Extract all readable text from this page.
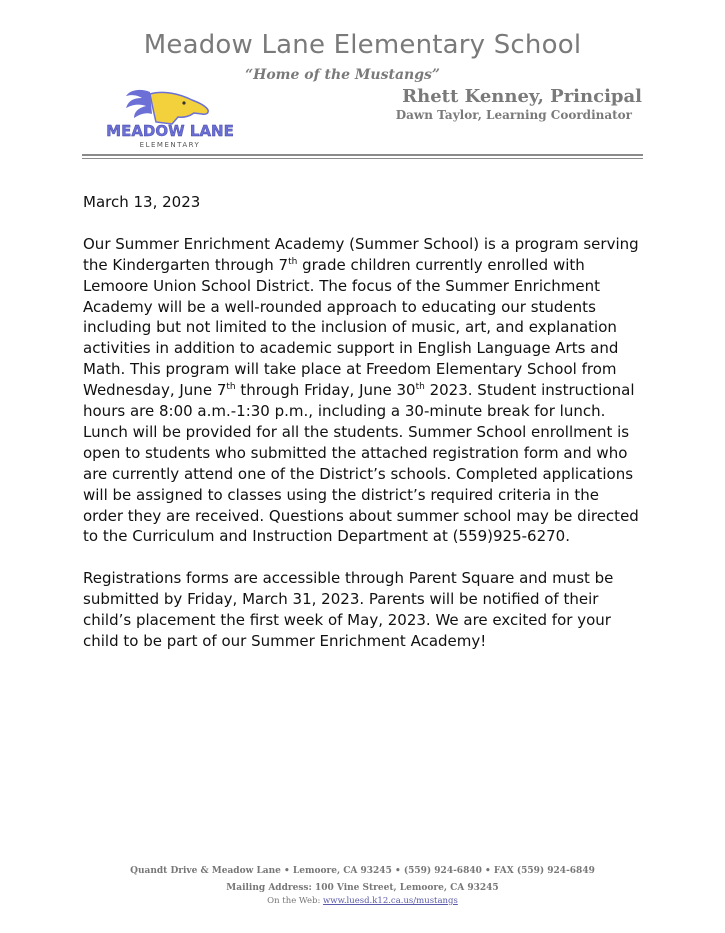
Meadow Lane Elementary School
“Home of the Mustangs”
MEADOW LANE
ELEMENTARY
Rhett Kenney, Principal
Dawn Taylor, Learning Coordinator

March 13, 2023

Our Summer Enrichment Academy (Summer School) is a program serving the Kindergarten through 7th grade children currently enrolled with Lemoore Union School District. The focus of the Summer Enrichment Academy will be a well-rounded approach to educating our students including but not limited to the inclusion of music, art, and explanation activities in addition to academic support in English Language Arts and Math. This program will take place at Freedom Elementary School from Wednesday, June 7th through Friday, June 30th 2023. Student instructional hours are 8:00 a.m.-1:30 p.m., including a 30-minute break for lunch. Lunch will be provided for all the students. Summer School enrollment is open to students who submitted the attached registration form and who are currently attend one of the District’s schools. Completed applications will be assigned to classes using the district’s required criteria in the order they are received. Questions about summer school may be directed to the Curriculum and Instruction Department at (559)925-6270.

Registrations forms are accessible through Parent Square and must be submitted by Friday, March 31, 2023. Parents will be notified of their child’s placement the first week of May, 2023. We are excited for your child to be part of our Summer Enrichment Academy!

Quandt Drive & Meadow Lane • Lemoore, CA 93245 • (559) 924-6840 • FAX (559) 924-6849
Mailing Address: 100 Vine Street, Lemoore, CA 93245
On the Web: www.luesd.k12.ca.us/mustangs
